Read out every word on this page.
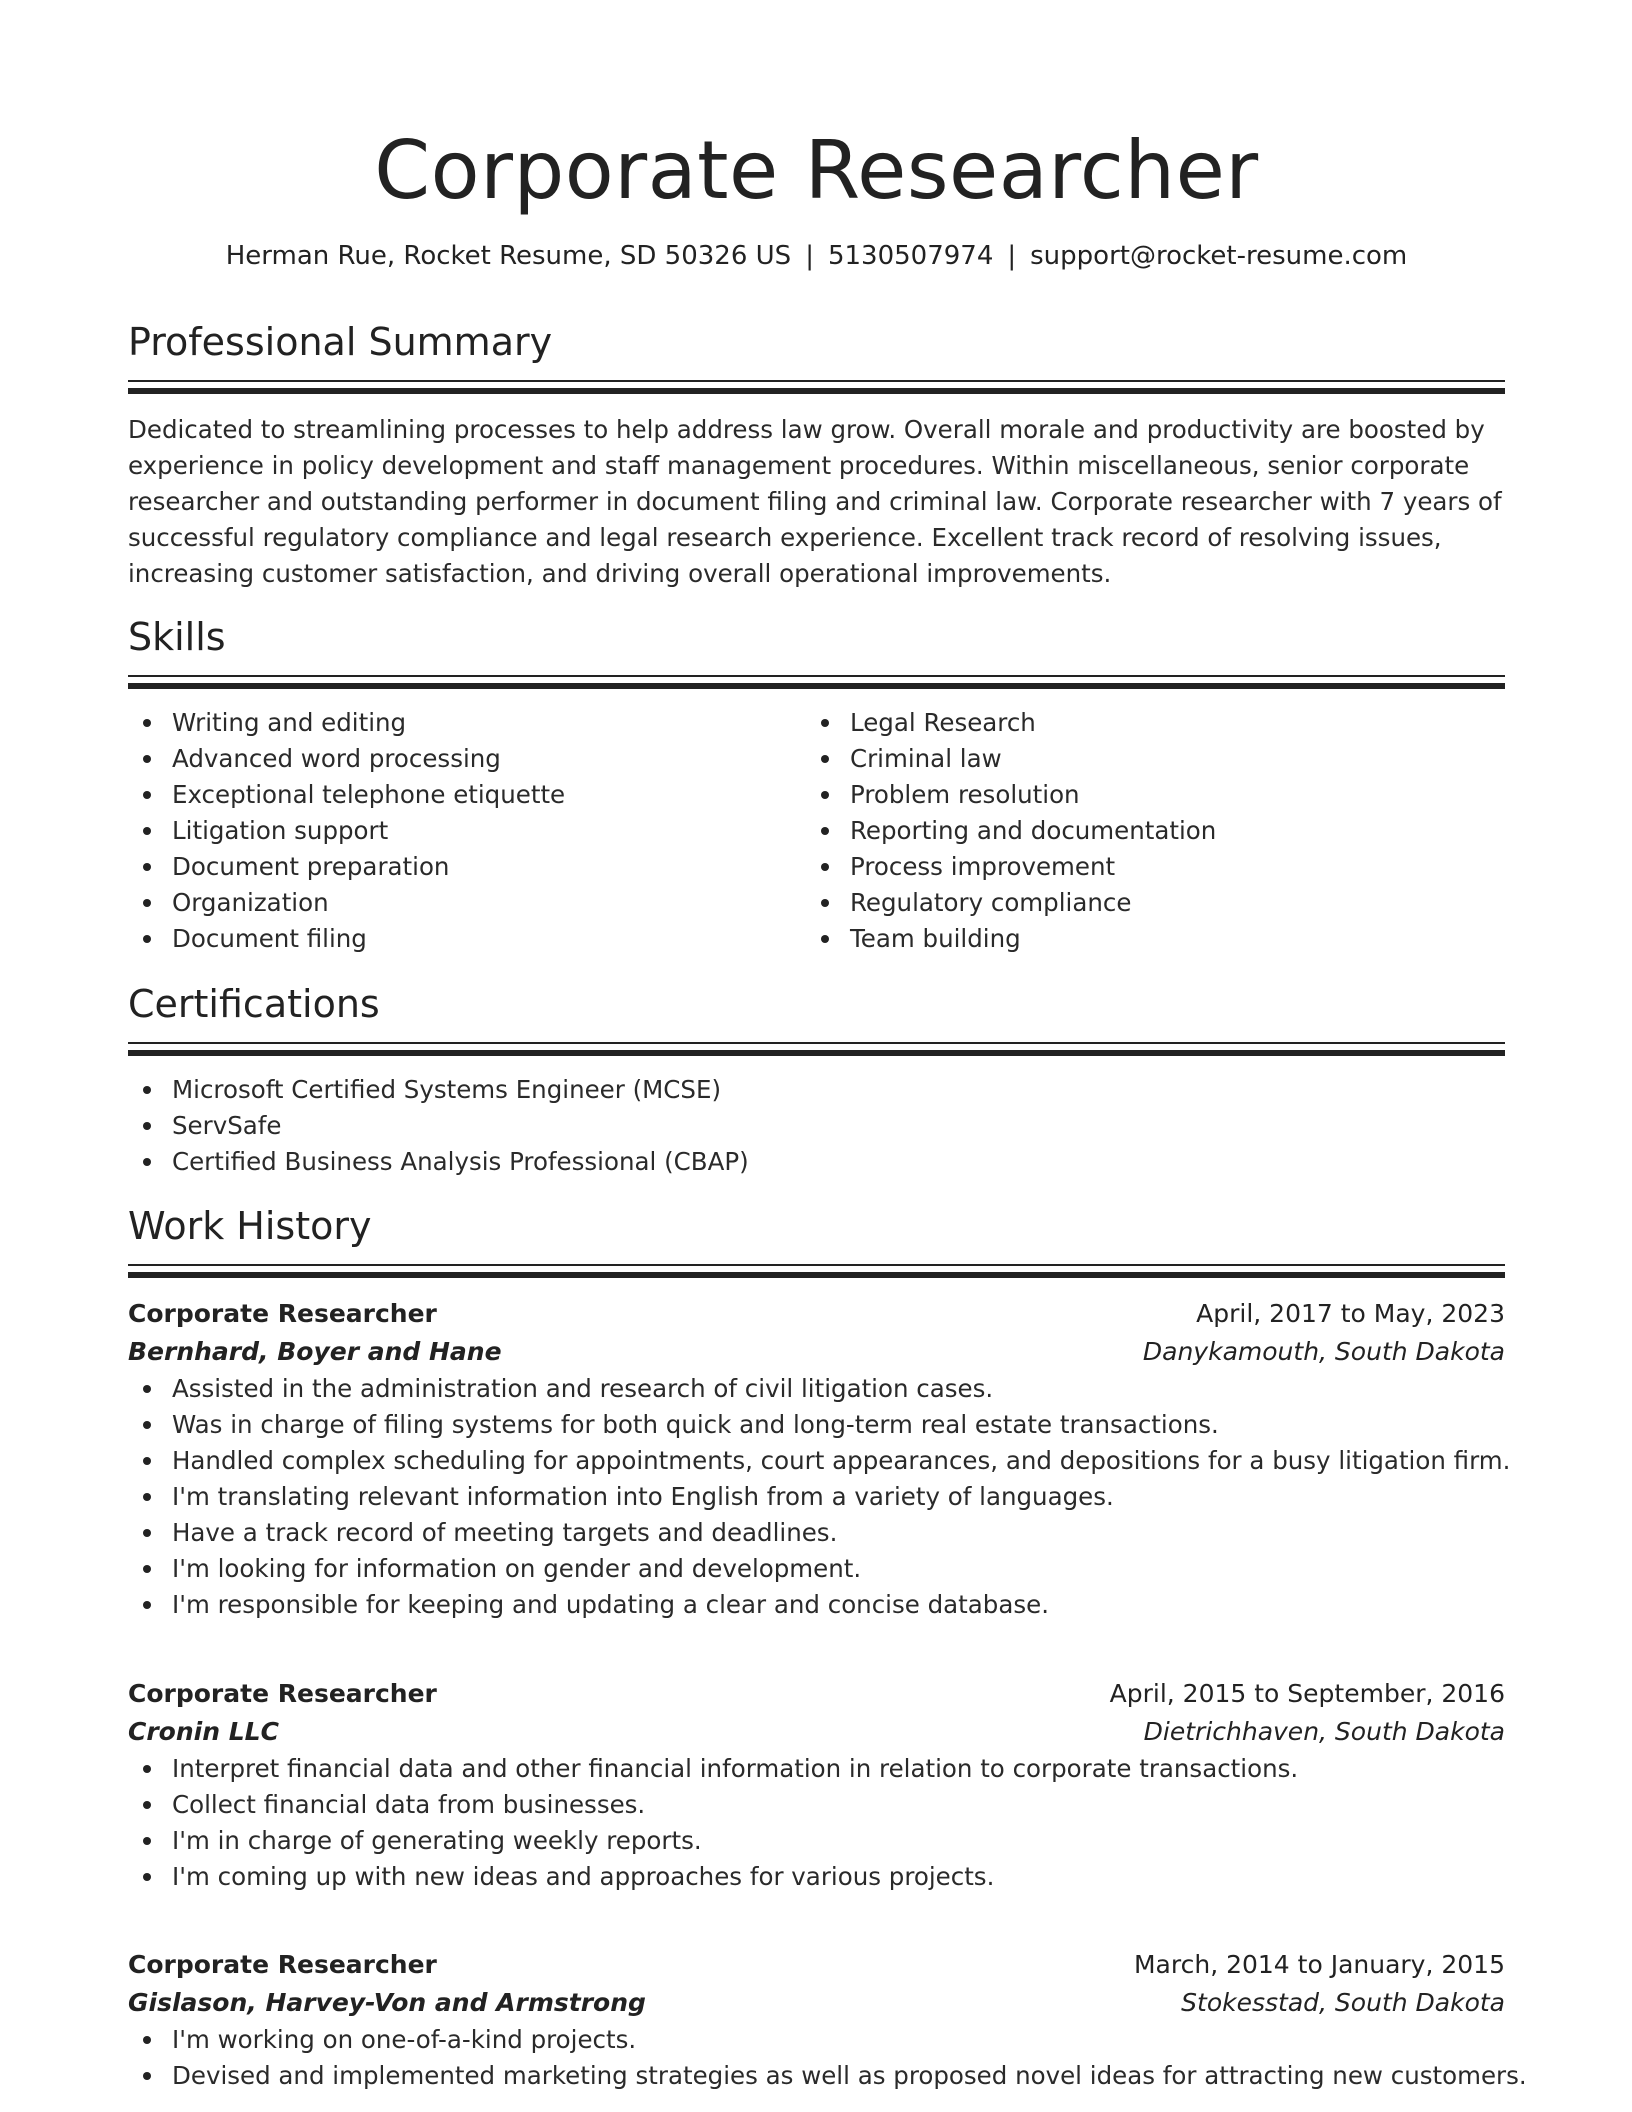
Corporate Researcher
Herman Rue, Rocket Resume, SD 50326 US | 5130507974 | support@rocket-resume.com
Professional Summary
Dedicated to streamlining processes to help address law grow. Overall morale and productivity are boosted by experience in policy development and staff management procedures. Within miscellaneous, senior corporate researcher and outstanding performer in document filing and criminal law. Corporate researcher with 7 years of successful regulatory compliance and legal research experience. Excellent track record of resolving issues, increasing customer satisfaction, and driving overall operational improvements.
Skills
Writing and editing
Advanced word processing
Exceptional telephone etiquette
Litigation support
Document preparation
Organization
Document filing
Legal Research
Criminal law
Problem resolution
Reporting and documentation
Process improvement
Regulatory compliance
Team building
Certifications
Microsoft Certified Systems Engineer (MCSE)
ServSafe
Certified Business Analysis Professional (CBAP)
Work History
Corporate Researcher	April, 2017 to May, 2023
Bernhard, Boyer and Hane	Danykamouth, South Dakota
Assisted in the administration and research of civil litigation cases.
Was in charge of filing systems for both quick and long-term real estate transactions.
Handled complex scheduling for appointments, court appearances, and depositions for a busy litigation firm.
I'm translating relevant information into English from a variety of languages.
Have a track record of meeting targets and deadlines.
I'm looking for information on gender and development.
I'm responsible for keeping and updating a clear and concise database.
Corporate Researcher	April, 2015 to September, 2016
Cronin LLC	Dietrichhaven, South Dakota
Interpret financial data and other financial information in relation to corporate transactions.
Collect financial data from businesses.
I'm in charge of generating weekly reports.
I'm coming up with new ideas and approaches for various projects.
Corporate Researcher	March, 2014 to January, 2015
Gislason, Harvey-Von and Armstrong	Stokesstad, South Dakota
I'm working on one-of-a-kind projects.
Devised and implemented marketing strategies as well as proposed novel ideas for attracting new customers.
